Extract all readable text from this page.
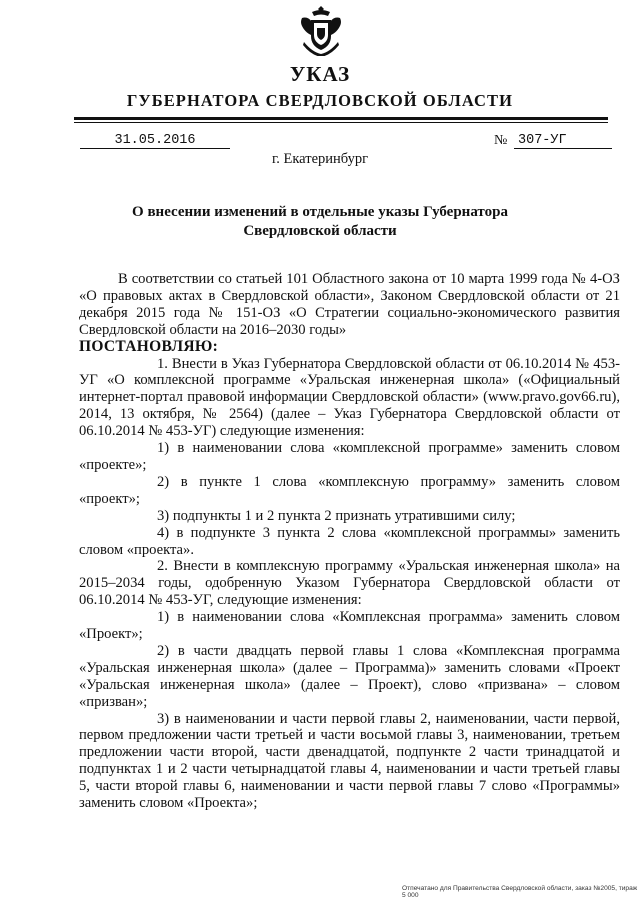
УКАЗ
ГУБЕРНАТОРА СВЕРДЛОВСКОЙ ОБЛАСТИ
31.05.2016	№ 307-УГ
г. Екатеринбург
О внесении изменений в отдельные указы Губернатора
Свердловской области

В соответствии со статьей 101 Областного закона от 10 марта 1999 года № 4-ОЗ «О правовых актах в Свердловской области», Законом Свердловской области от 21 декабря 2015 года № 151-ОЗ «О Стратегии социально-экономического развития Свердловской области на 2016–2030 годы»

ПОСТАНОВЛЯЮ:

1. Внести в Указ Губернатора Свердловской области от 06.10.2014 № 453-УГ «О комплексной программе «Уральская инженерная школа» («Официальный интернет-портал правовой информации Свердловской области» (www.pravo.gov66.ru), 2014, 13 октября, № 2564) (далее – Указ Губернатора Свердловской области от 06.10.2014 № 453-УГ) следующие изменения:

1) в наименовании слова «комплексной программе» заменить словом «проекте»;

2) в пункте 1 слова «комплексную программу» заменить словом «проект»;

3) подпункты 1 и 2 пункта 2 признать утратившими силу;

4) в подпункте 3 пункта 2 слова «комплексной программы» заменить словом «проекта».

2. Внести в комплексную программу «Уральская инженерная школа» на 2015–2034 годы, одобренную Указом Губернатора Свердловской области от 06.10.2014 № 453-УГ, следующие изменения:

1) в наименовании слова «Комплексная программа» заменить словом «Проект»;

2) в части двадцать первой главы 1 слова «Комплексная программа «Уральская инженерная школа» (далее – Программа)» заменить словами «Проект «Уральская инженерная школа» (далее – Проект), слово «призвана» – словом «призван»;

3) в наименовании и части первой главы 2, наименовании, части первой, первом предложении части третьей и части восьмой главы 3, наименовании, третьем предложении части второй, части двенадцатой, подпункте 2 части тринадцатой и подпунктах 1 и 2 части четырнадцатой главы 4, наименовании и части третьей главы 5, части второй главы 6, наименовании и части первой главы 7 слово «Программы» заменить словом «Проекта»;

Отпечатано для Правительства Свердловской области, заказ №2005, тираж 5 000
